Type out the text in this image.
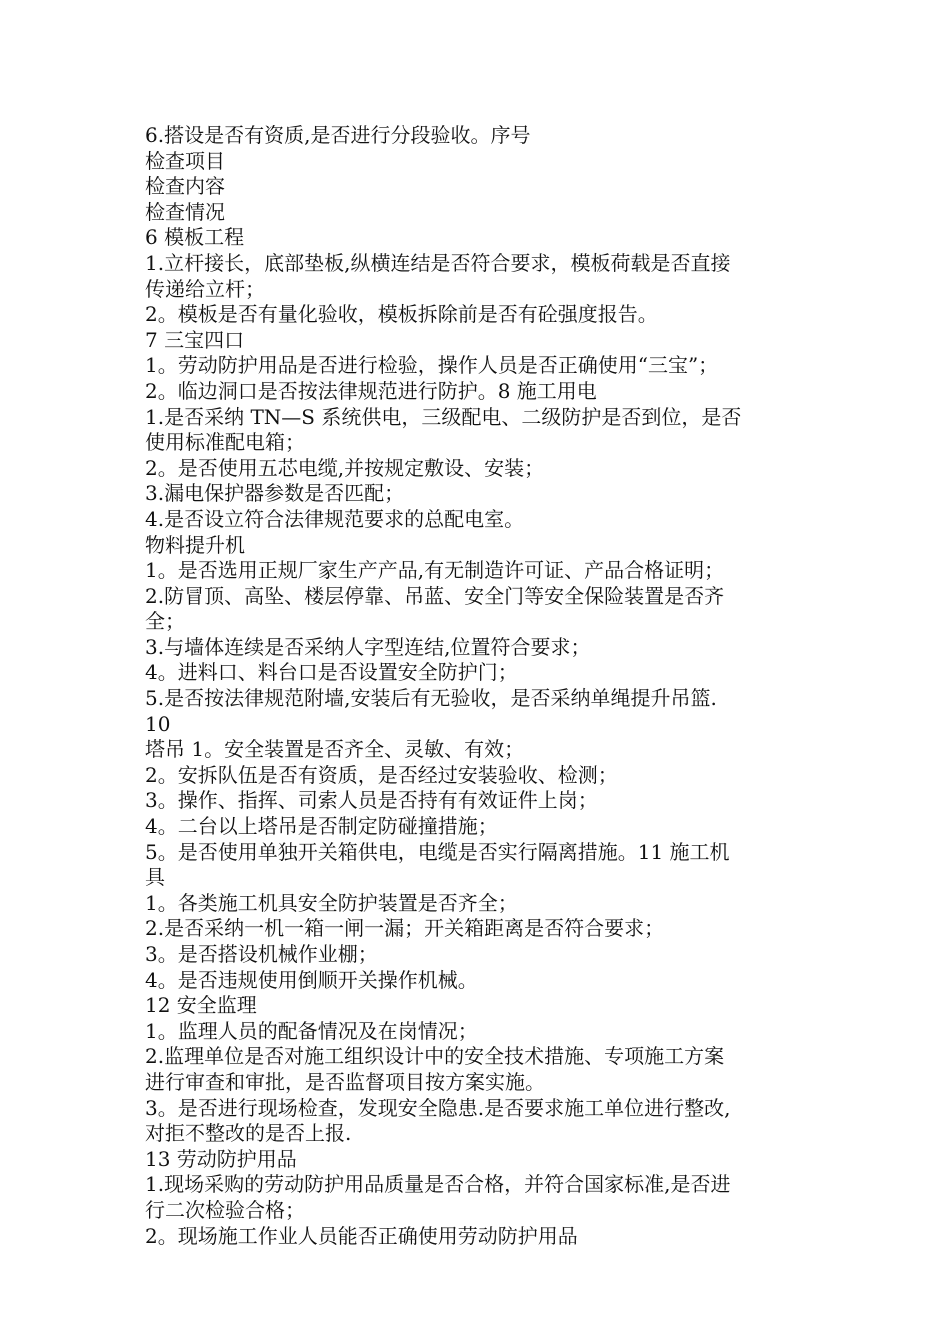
6.搭设是否有资质,是否进行分段验收。序号
检查项目
检查内容
检查情况
6 模板工程
1.立杆接长，底部垫板,纵横连结是否符合要求，模板荷载是否直接
传递给立杆；
2。模板是否有量化验收，模板拆除前是否有砼强度报告。
7 三宝四口
1。劳动防护用品是否进行检验，操作人员是否正确使用“三宝”；
2。临边洞口是否按法律规范进行防护。8 施工用电
1.是否采纳 TN—S 系统供电，三级配电、二级防护是否到位，是否
使用标准配电箱；
2。是否使用五芯电缆,并按规定敷设、安装；
3.漏电保护器参数是否匹配；
4.是否设立符合法律规范要求的总配电室。
物料提升机
1。是否选用正规厂家生产产品,有无制造许可证、产品合格证明；
2.防冒顶、高坠、楼层停靠、吊蓝、安全门等安全保险装置是否齐
全；
3.与墙体连续是否采纳人字型连结,位置符合要求；
4。进料口、料台口是否设置安全防护门；
5.是否按法律规范附墙,安装后有无验收，是否采纳单绳提升吊篮.
10
塔吊 1。安全装置是否齐全、灵敏、有效；
2。安拆队伍是否有资质，是否经过安装验收、检测；
3。操作、指挥、司索人员是否持有有效证件上岗；
4。二台以上塔吊是否制定防碰撞措施；
5。是否使用单独开关箱供电，电缆是否实行隔离措施。11 施工机
具
1。各类施工机具安全防护装置是否齐全；
2.是否采纳一机一箱一闸一漏；开关箱距离是否符合要求；
3。是否搭设机械作业棚；
4。是否违规使用倒顺开关操作机械。
12 安全监理
1。监理人员的配备情况及在岗情况；
2.监理单位是否对施工组织设计中的安全技术措施、专项施工方案
进行审查和审批，是否监督项目按方案实施。
3。是否进行现场检查，发现安全隐患.是否要求施工单位进行整改,
对拒不整改的是否上报.
13 劳动防护用品
1.现场采购的劳动防护用品质量是否合格，并符合国家标准,是否进
行二次检验合格；
2。现场施工作业人员能否正确使用劳动防护用品
